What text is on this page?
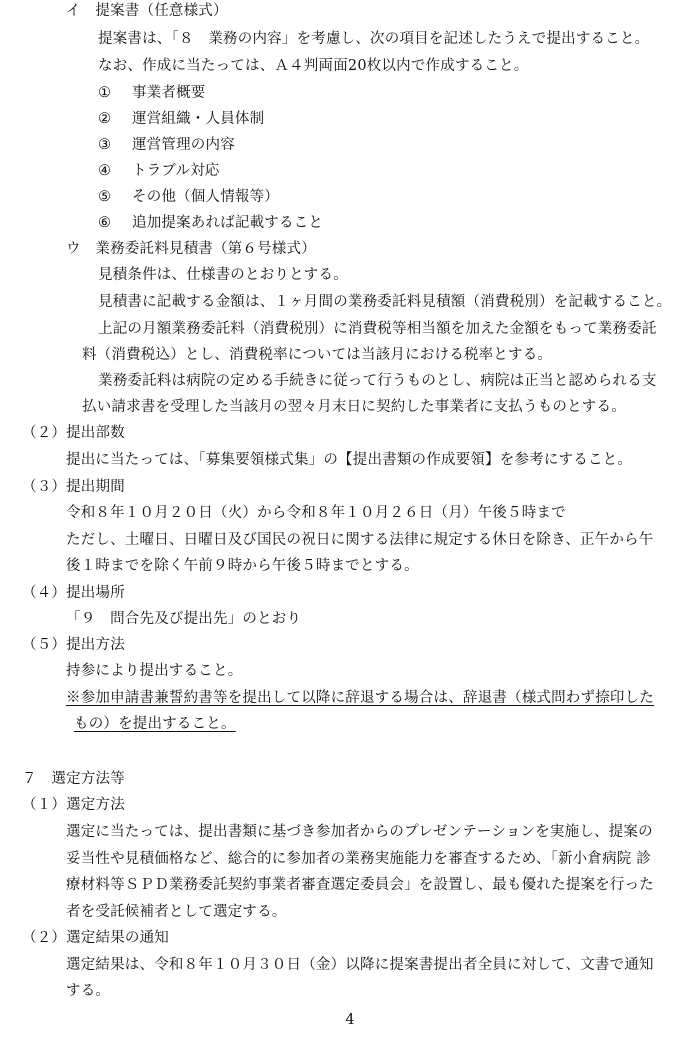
イ　提案書（任意様式）
提案書は、「８　業務の内容」を考慮し、次の項目を記述したうえで提出すること。
なお、作成に当たっては、Ａ４判両面20枚以内で作成すること。
① 事業者概要
② 運営組織・人員体制
③ 運営管理の内容
④ トラブル対応
⑤ その他（個人情報等）
⑥ 追加提案あれば記載すること
ウ　業務委託料見積書（第６号様式）
見積条件は、仕様書のとおりとする。
見積書に記載する金額は、１ヶ月間の業務委託料見積額（消費税別）を記載すること。
上記の月額業務委託料（消費税別）に消費税等相当額を加えた金額をもって業務委託
料（消費税込）とし、消費税率については当該月における税率とする。
業務委託料は病院の定める手続きに従って行うものとし、病院は正当と認められる支
払い請求書を受理した当該月の翌々月末日に契約した事業者に支払うものとする。
（２）提出部数
提出に当たっては、「募集要領様式集」の【提出書類の作成要領】を参考にすること。
（３）提出期間
令和８年１０月２０日（火）から令和８年１０月２６日（月）午後５時まで
ただし、土曜日、日曜日及び国民の祝日に関する法律に規定する休日を除き、正午から午
後１時までを除く午前９時から午後５時までとする。
（４）提出場所
「９　問合先及び提出先」のとおり
（５）提出方法
持参により提出すること。
※参加申請書兼誓約書等を提出して以降に辞退する場合は、辞退書（様式問わず捺印した
もの）を提出すること。
７　選定方法等
（１）選定方法
選定に当たっては、提出書類に基づき参加者からのプレゼンテーションを実施し、提案の
妥当性や見積価格など、総合的に参加者の業務実施能力を審査するため、「新小倉病院 診
療材料等ＳＰＤ業務委託契約事業者審査選定委員会」を設置し、最も優れた提案を行った
者を受託候補者として選定する。
（２）選定結果の通知
選定結果は、令和８年１０月３０日（金）以降に提案書提出者全員に対して、文書で通知
する。
4
